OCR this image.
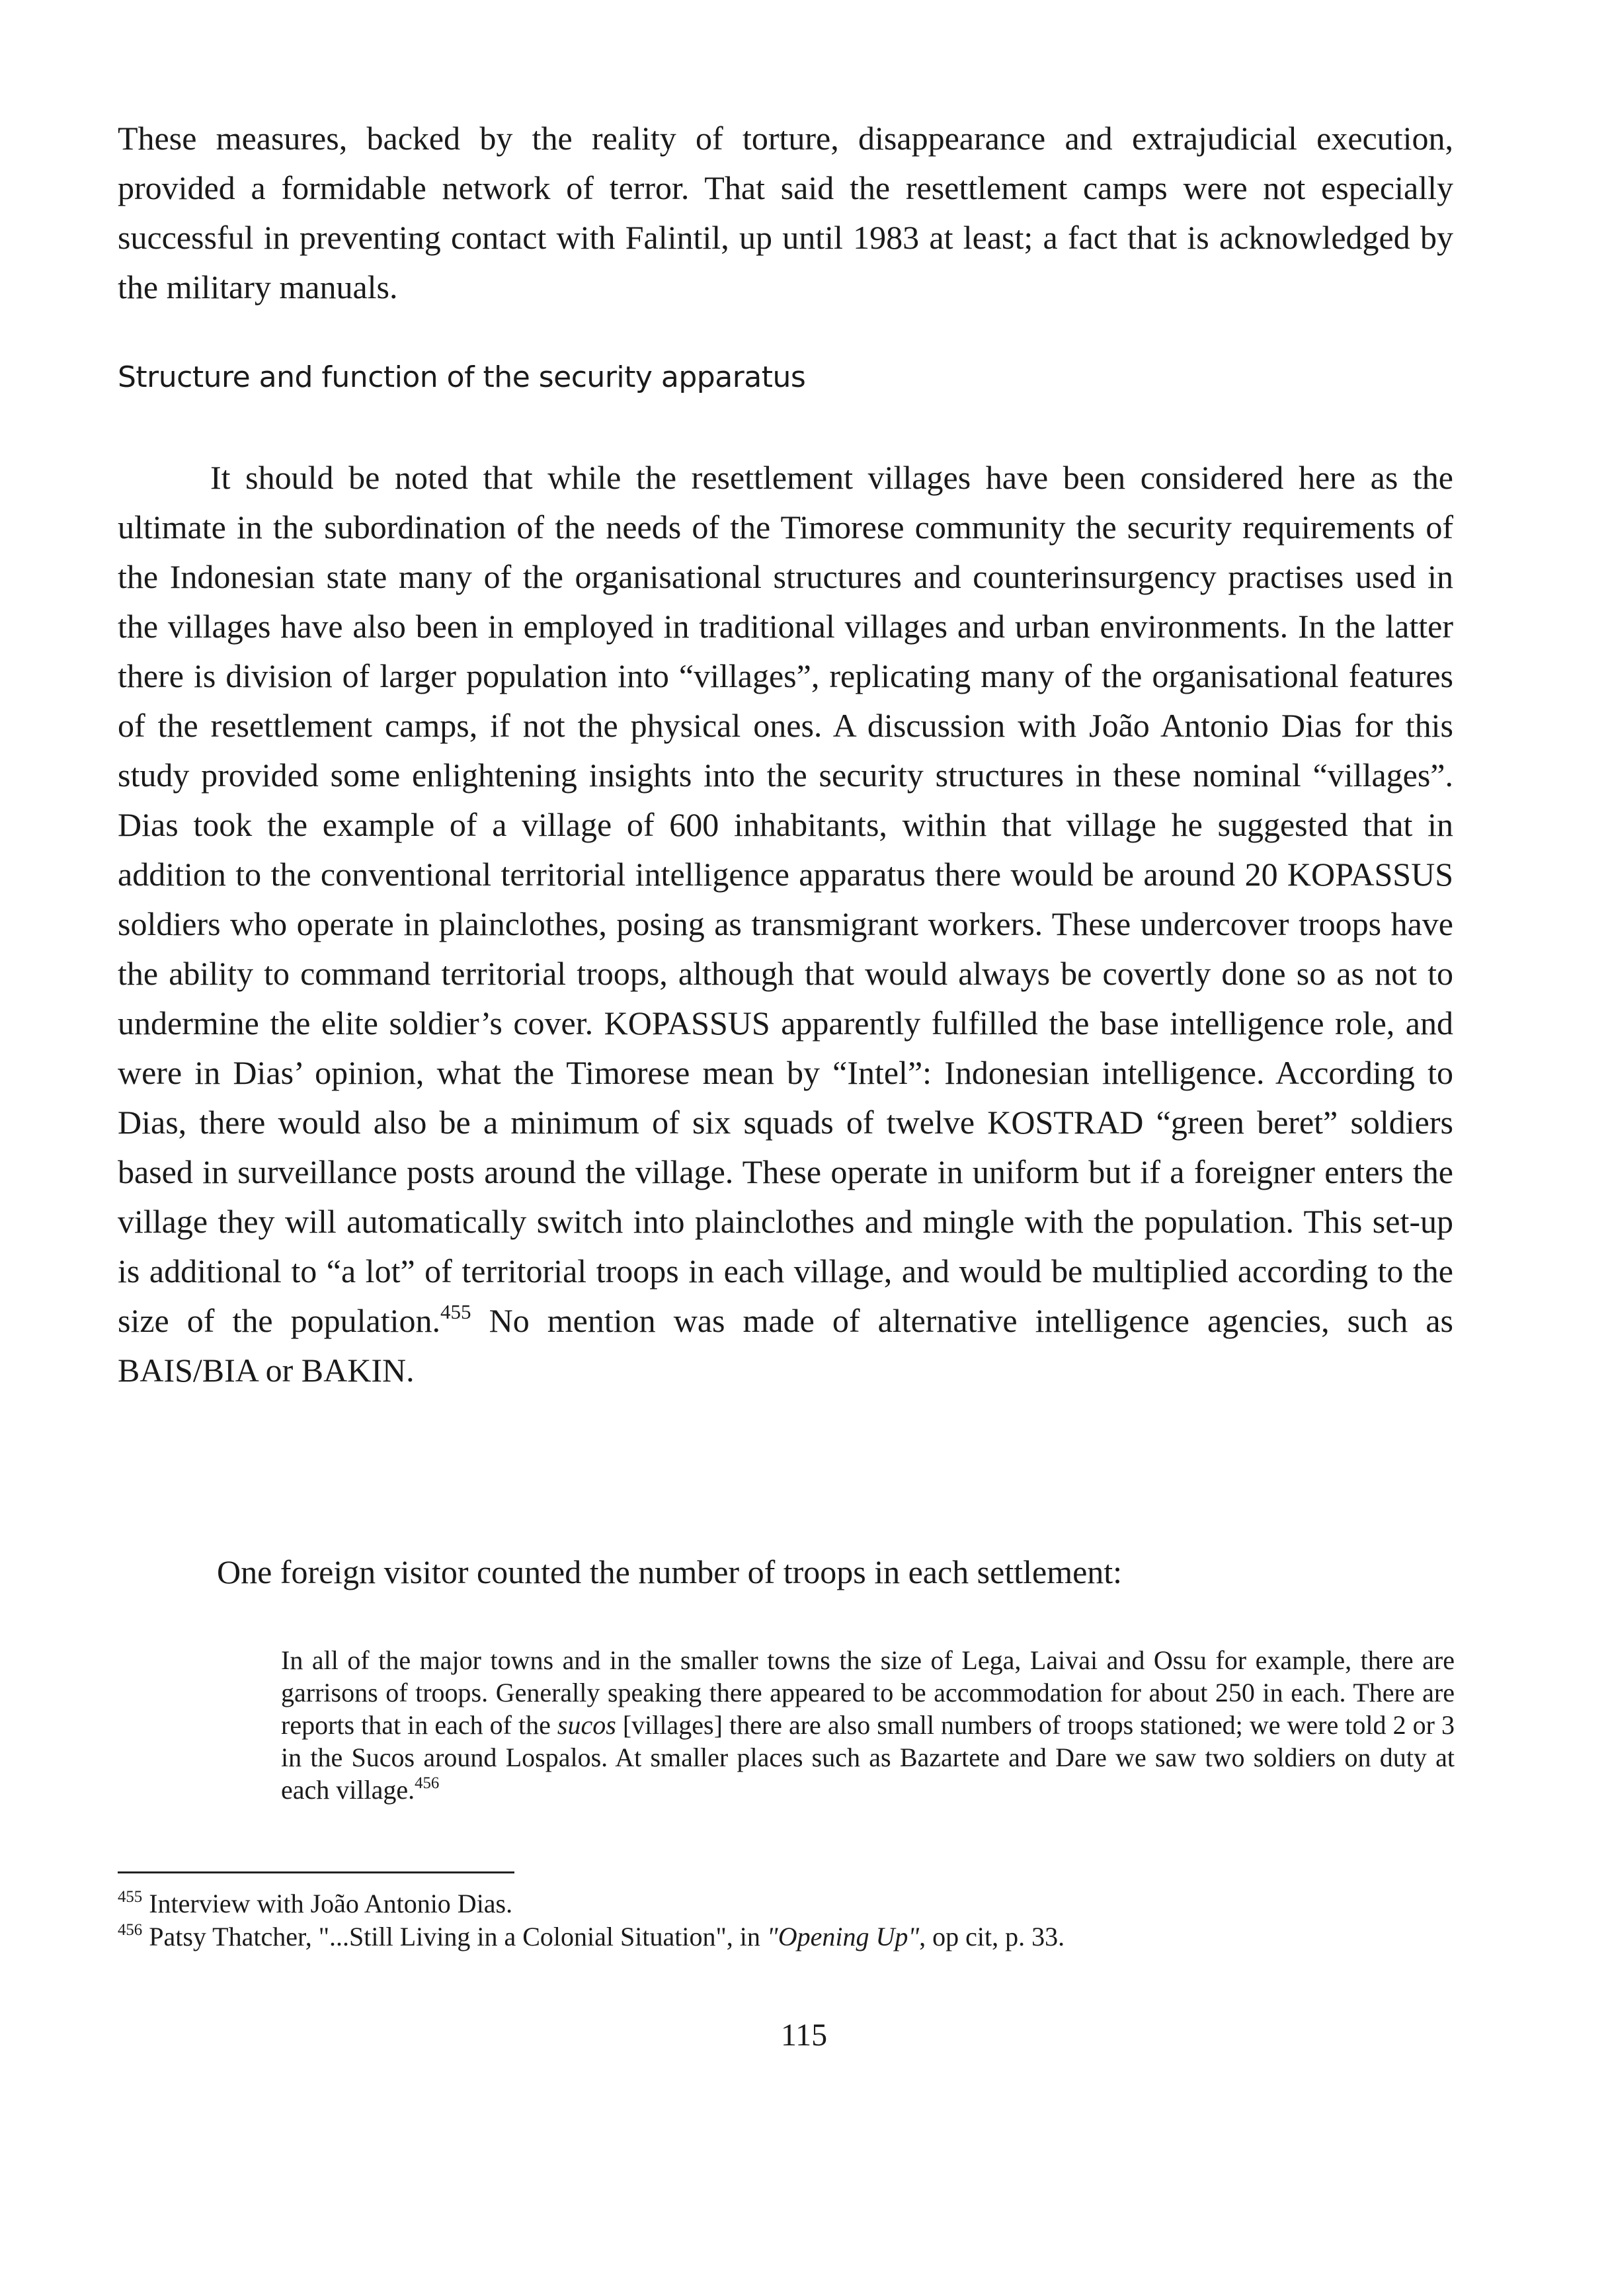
These measures, backed by the reality of torture, disappearance and extrajudicial execution, provided a formidable network of terror. That said the resettlement camps were not especially successful in preventing contact with Falintil, up until 1983 at least; a fact that is acknowledged by the military manuals.

Structure and function of the security apparatus

It should be noted that while the resettlement villages have been considered here as the ultimate in the subordination of the needs of the Timorese community the security requirements of the Indonesian state many of the organisational structures and counterinsurgency practises used in the villages have also been in employed in traditional villages and urban environments. In the latter there is division of larger population into “villages”, replicating many of the organisational features of the resettlement camps, if not the physical ones. A discussion with João Antonio Dias for this study provided some enlightening insights into the security structures in these nominal “villages”. Dias took the example of a village of 600 inhabitants, within that village he suggested that in addition to the conventional territorial intelligence apparatus there would be around 20 KOPASSUS soldiers who operate in plainclothes, posing as transmigrant workers. These undercover troops have the ability to command territorial troops, although that would always be covertly done so as not to undermine the elite soldier’s cover. KOPASSUS apparently fulfilled the base intelligence role, and were in Dias’ opinion, what the Timorese mean by “Intel”: Indonesian intelligence. According to Dias, there would also be a minimum of six squads of twelve KOSTRAD “green beret” soldiers based in surveillance posts around the village. These operate in uniform but if a foreigner enters the village they will automatically switch into plainclothes and mingle with the population. This set-up is additional to “a lot” of territorial troops in each village, and would be multiplied according to the size of the population.$^{455}$ No mention was made of alternative intelligence agencies, such as BAIS/BIA or BAKIN.

One foreign visitor counted the number of troops in each settlement:

In all of the major towns and in the smaller towns the size of Lega, Laivai and Ossu for example, there are garrisons of troops. Generally speaking there appeared to be accommodation for about 250 in each. There are reports that in each of the sucos [villages] there are also small numbers of troops stationed; we were told 2 or 3 in the Sucos around Lospalos. At smaller places such as Bazartete and Dare we saw two soldiers on duty at each village.$^{456}$

$^{455}$ Interview with João Antonio Dias.

$^{456}$ Patsy Thatcher, "...Still Living in a Colonial Situation", in "Opening Up", op cit, p. 33.

115
